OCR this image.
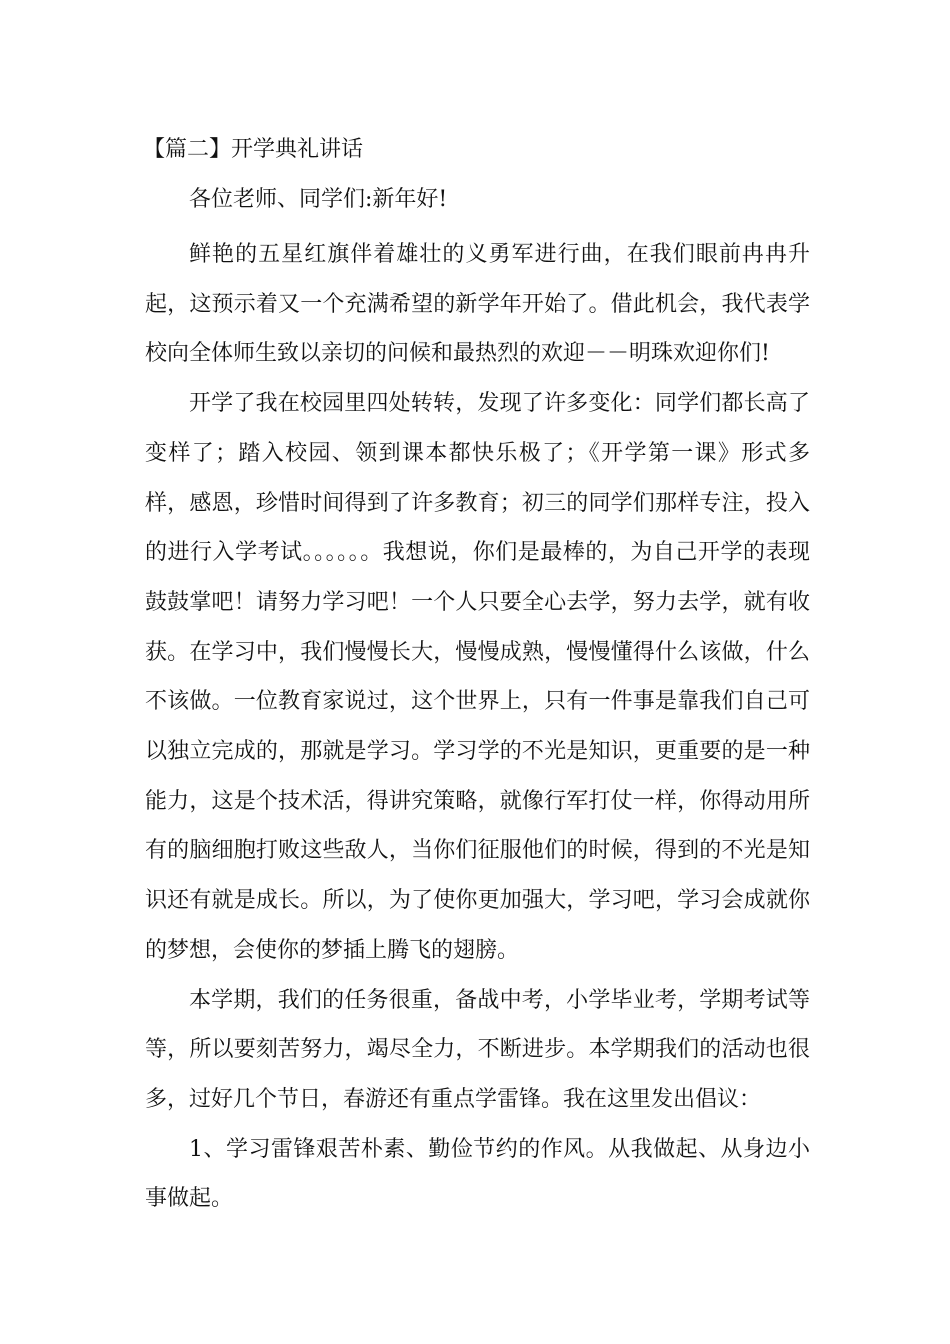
【篇二】开学典礼讲话
各位老师、同学们:新年好!

鲜艳的五星红旗伴着雄壮的义勇军进行曲，在我们眼前冉冉升起，这预示着又一个充满希望的新学年开始了。借此机会，我代表学校向全体师生致以亲切的问候和最热烈的欢迎－－明珠欢迎你们!

开学了我在校园里四处转转，发现了许多变化：同学们都长高了变样了；踏入校园、领到课本都快乐极了；《开学第一课》形式多样，感恩，珍惜时间得到了许多教育；初三的同学们那样专注，投入的进行入学考试。。。。。。我想说，你们是最棒的，为自己开学的表现鼓鼓掌吧！请努力学习吧！一个人只要全心去学，努力去学，就有收获。在学习中，我们慢慢长大，慢慢成熟，慢慢懂得什么该做，什么不该做。一位教育家说过，这个世界上，只有一件事是靠我们自己可以独立完成的，那就是学习。学习学的不光是知识，更重要的是一种能力，这是个技术活，得讲究策略，就像行军打仗一样，你得动用所有的脑细胞打败这些敌人，当你们征服他们的时候，得到的不光是知识还有就是成长。所以，为了使你更加强大，学习吧，学习会成就你的梦想，会使你的梦插上腾飞的翅膀。

本学期，我们的任务很重，备战中考，小学毕业考，学期考试等等，所以要刻苦努力，竭尽全力，不断进步。本学期我们的活动也很多，过好几个节日，春游还有重点学雷锋。我在这里发出倡议：

1、学习雷锋艰苦朴素、勤俭节约的作风。从我做起、从身边小事做起。
